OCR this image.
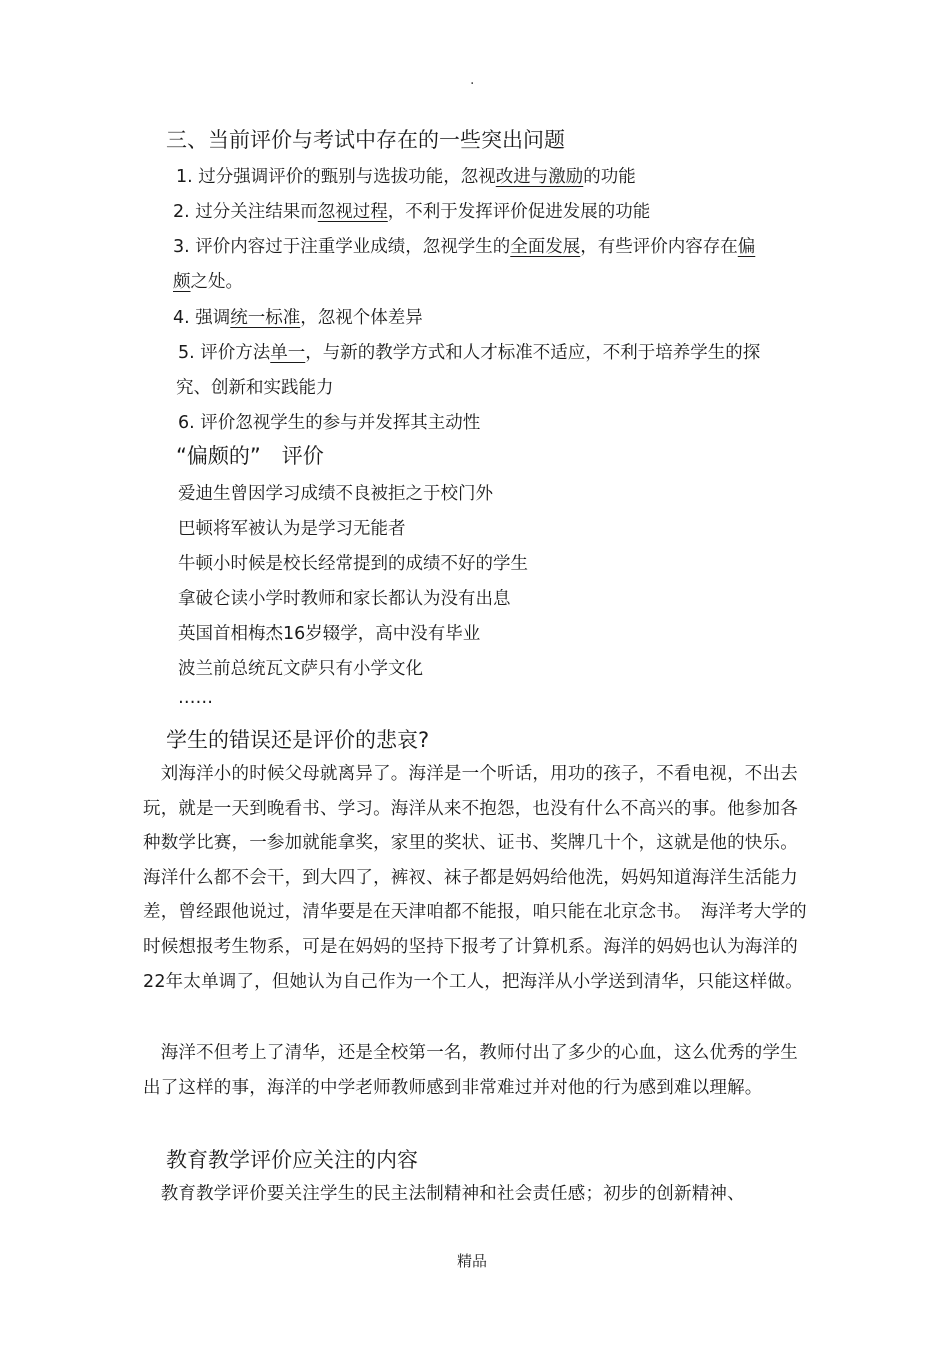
.
三、当前评价与考试中存在的一些突出问题
1. 过分强调评价的甄别与选拔功能，忽视改进与激励的功能
2. 过分关注结果而忽视过程，不利于发挥评价促进发展的功能
3. 评价内容过于注重学业成绩，忽视学生的全面发展，有些评价内容存在偏
颇之处。
4. 强调统一标准，忽视个体差异
5. 评价方法单一，与新的教学方式和人才标准不适应，不利于培养学生的探
究、创新和实践能力
6. 评价忽视学生的参与并发挥其主动性
“偏颇的”　评价
爱迪生曾因学习成绩不良被拒之于校门外
巴顿将军被认为是学习无能者
牛顿小时候是校长经常提到的成绩不好的学生
拿破仑读小学时教师和家长都认为没有出息
英国首相梅杰16岁辍学，高中没有毕业
波兰前总统瓦文萨只有小学文化
……
学生的错误还是评价的悲哀?
　刘海洋小的时候父母就离异了。海洋是一个听话，用功的孩子，不看电视，不出去玩，就是一天到晚看书、学习。海洋从来不抱怨，也没有什么不高兴的事。他参加各种数学比赛，一参加就能拿奖，家里的奖状、证书、奖牌几十个，这就是他的快乐。海洋什么都不会干，到大四了，裤衩、袜子都是妈妈给他洗，妈妈知道海洋生活能力差，曾经跟他说过，清华要是在天津咱都不能报，咱只能在北京念书。　海洋考大学的时候想报考生物系，可是在妈妈的坚持下报考了计算机系。海洋的妈妈也认为海洋的22年太单调了，但她认为自己作为一个工人，把海洋从小学送到清华，只能这样做。
　海洋不但考上了清华，还是全校第一名，教师付出了多少的心血，这么优秀的学生出了这样的事，海洋的中学老师教师感到非常难过并对他的行为感到难以理解。
教育教学评价应关注的内容
　教育教学评价要关注学生的民主法制精神和社会责任感；初步的创新精神、
精品
